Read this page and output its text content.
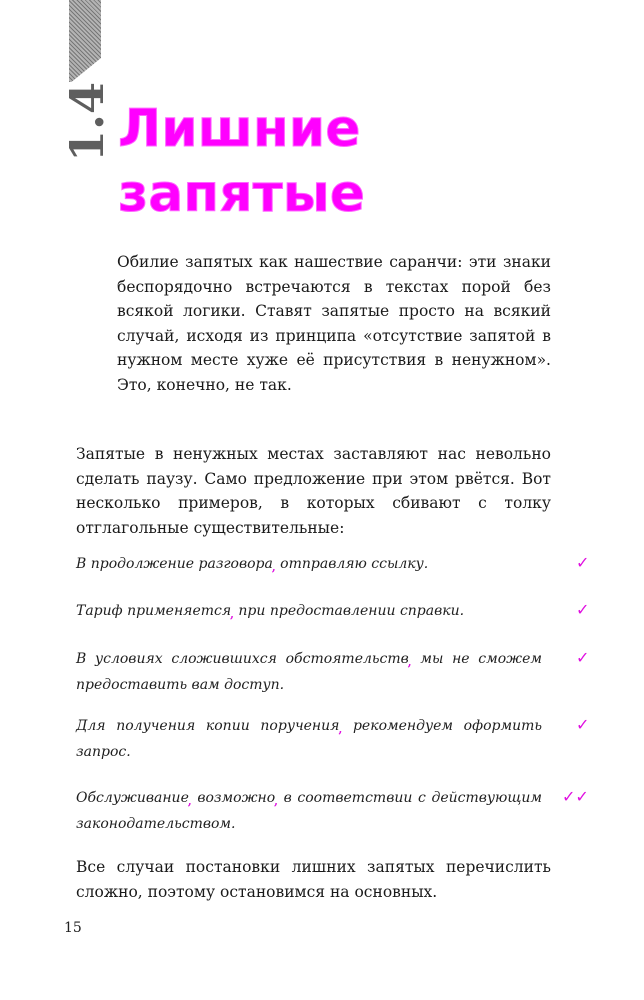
1.4 Лишние
запятые
Обилие запятых как нашествие саранчи: эти знаки беспорядочно встречаются в текстах порой без всякой логики. Ставят запятые просто на всякий случай, исходя из принципа «отсутствие запятой в нужном месте хуже её присутствия в ненужном». Это, конечно, не так.
Запятые в ненужных местах заставляют нас невольно сделать паузу. Само предложение при этом рвётся. Вот несколько примеров, в которых сбивают с толку отглагольные существительные:
В продолжение разговора$_,$ отправляю ссылку.	✓
Тариф применяется$_,$ при предоставлении справки.	✓
В условиях сложившихся обстоятельств$_,$ мы не сможем предоставить вам доступ.
✓
Для получения копии поручения$_,$ рекомендуем оформить запрос.
✓
Обслуживание$_,$ возможно$_,$ в соответствии с действующим законодательством.
✓✓
Все случаи постановки лишних запятых перечислить сложно, поэтому остановимся на основных.
15
